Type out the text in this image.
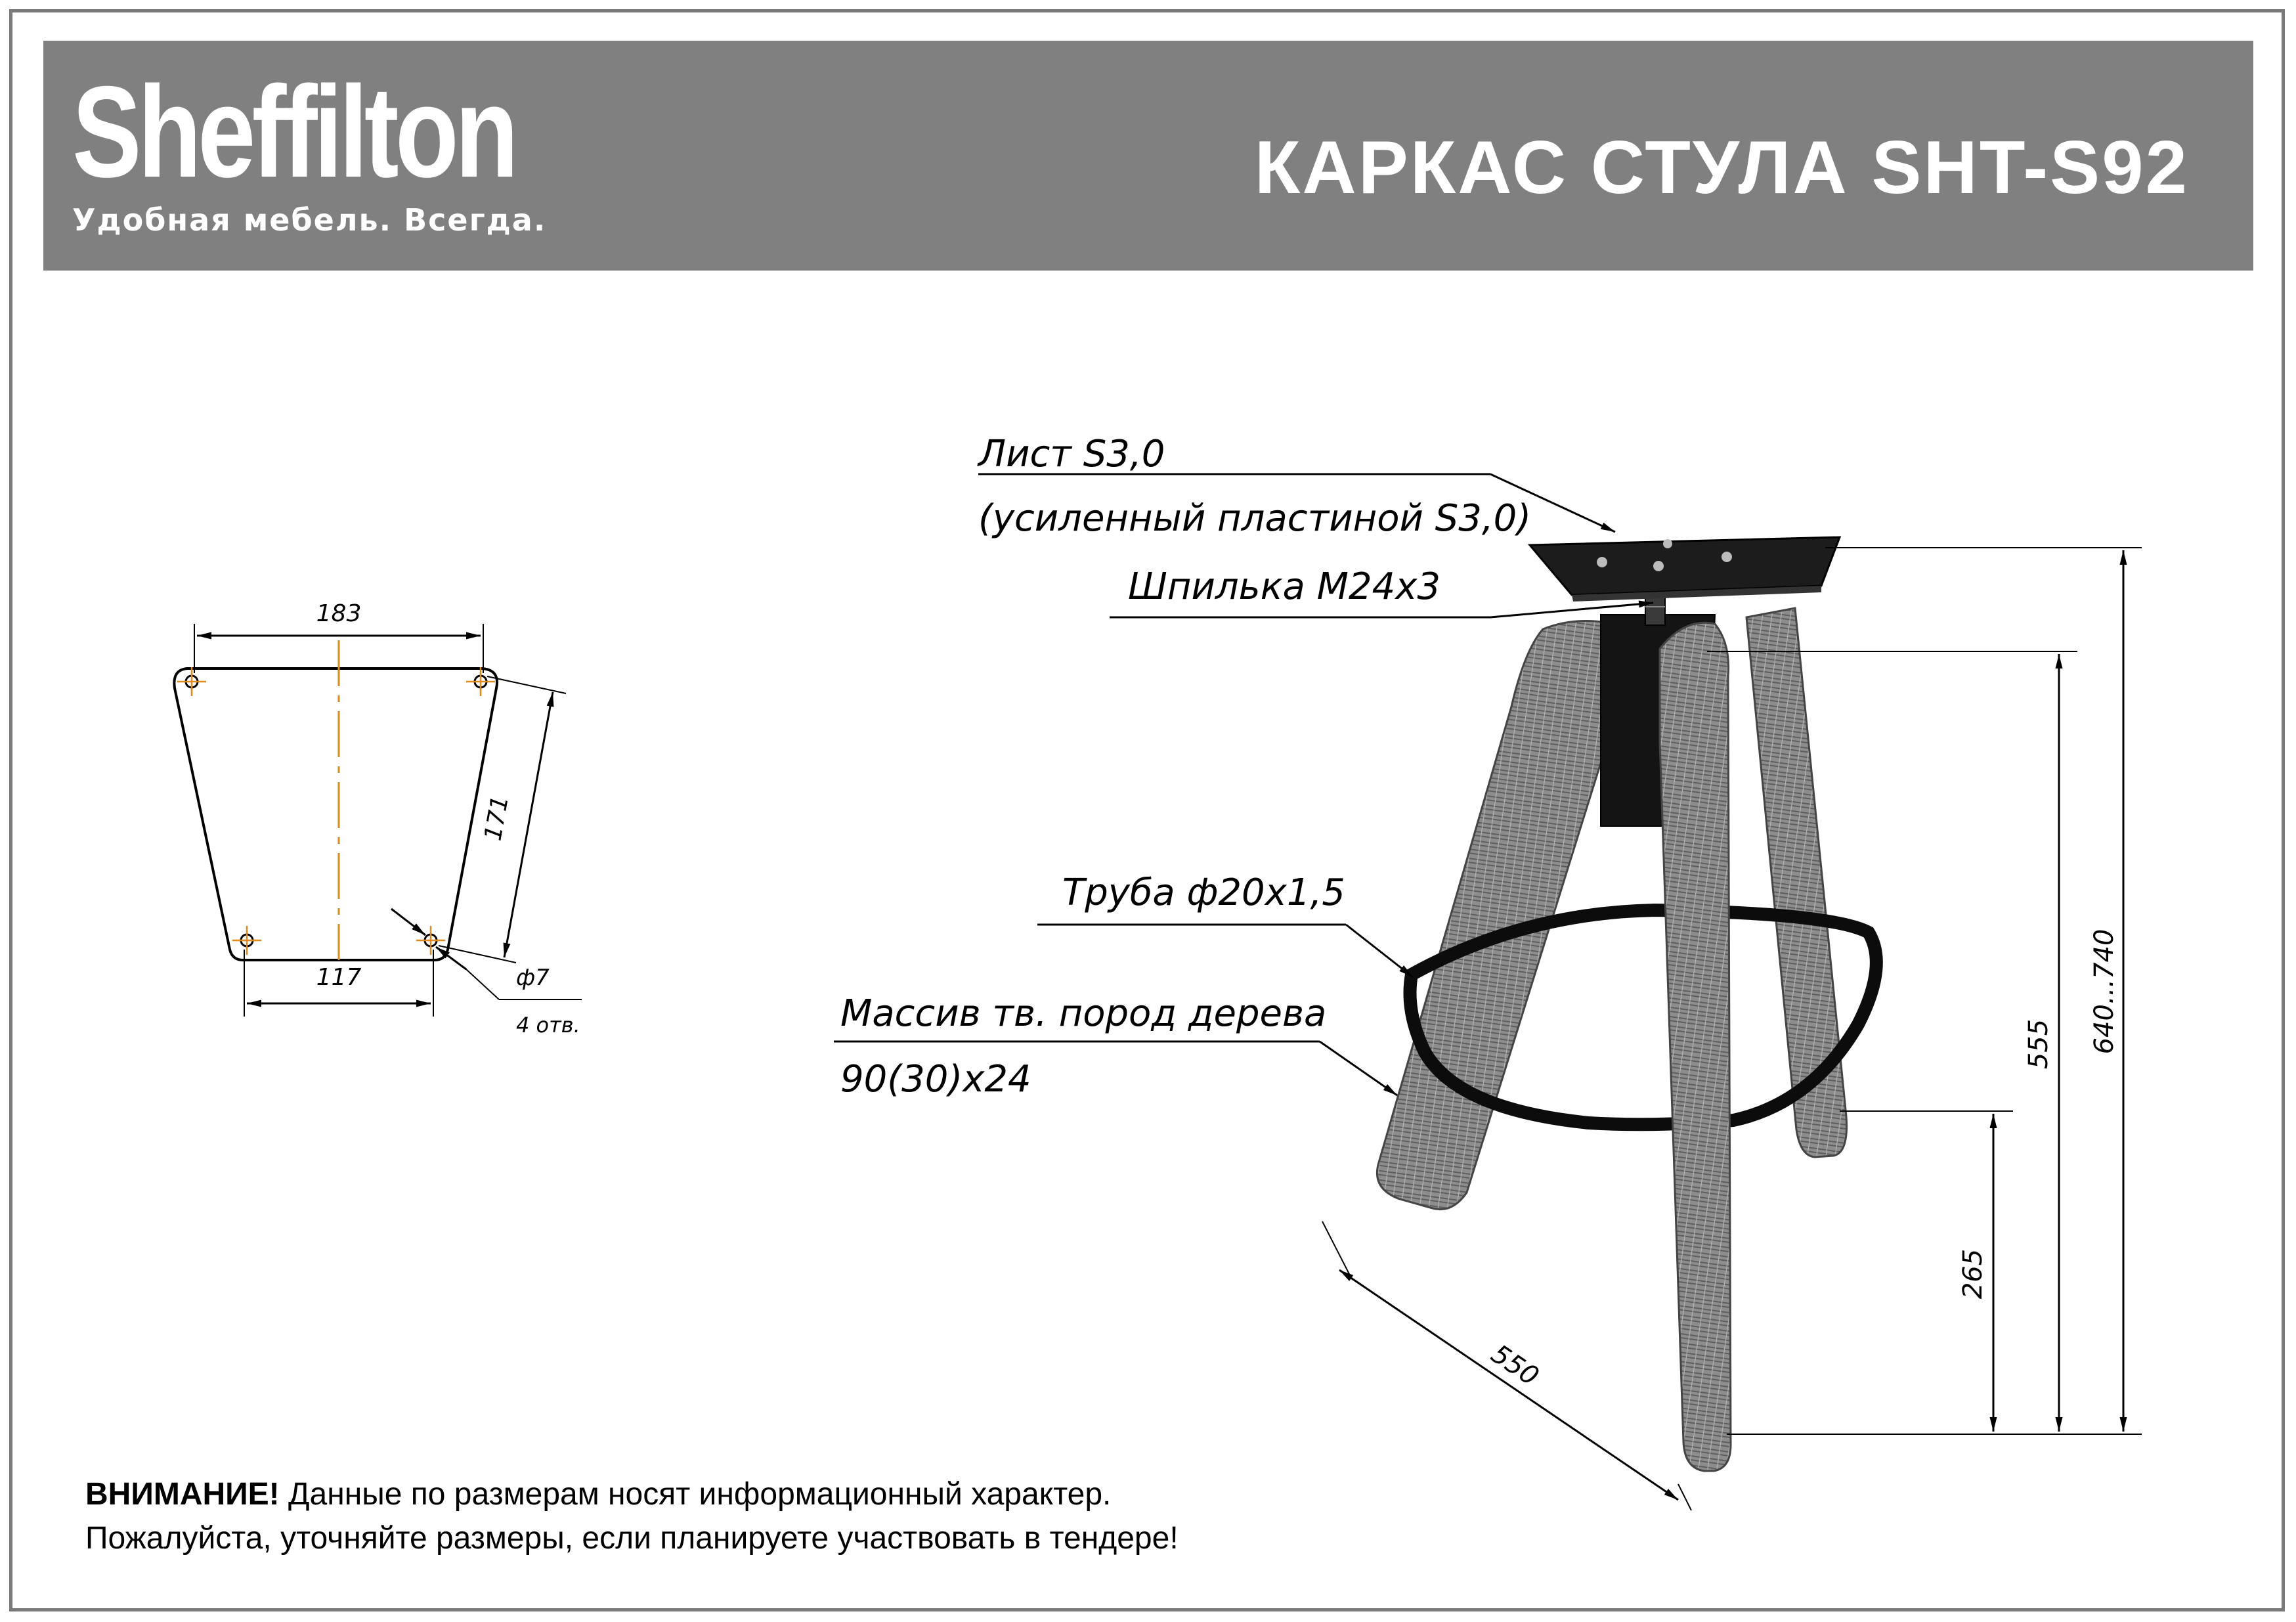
Sheffilton
Удобная мебель. Всегда.
КАРКАС СТУЛА SHT-S92
183
171
117	ф7
4 отв.
Лист S3,0
(усиленный пластиной S3,0)
Шпилька M24x3
Труба ф20х1,5
Массив тв. пород дерева
90(30)х24
640...740
555
265
550
ВНИМАНИЕ! Данные по размерам носят информационный характер.
Пожалуйста, уточняйте размеры, если планируете участвовать в тендере!
